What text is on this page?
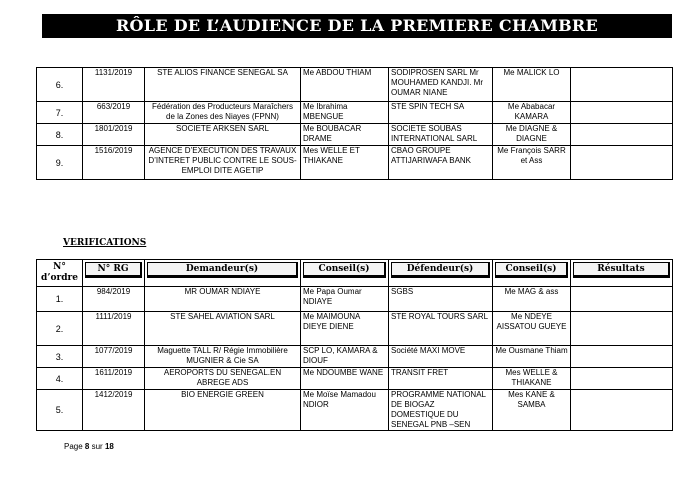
RÔLE DE L’AUDIENCE DE LA PREMIERE CHAMBRE
6.	1131/2019	STE ALIOS FINANCE SENEGAL SA	Me ABDOU THIAM	SODIPROSEN SARL Mr MOUHAMED KANDJI. Mr OUMAR NIANE	Me MALICK LO	
7.	663/2019	Fédération des Producteurs Maraîchers de la Zones des Niayes (FPNN)	Me Ibrahima MBENGUE	STE SPIN TECH SA	Me Ababacar KAMARA	
8.	1801/2019	SOCIETE ARKSEN SARL	Me BOUBACAR DRAME	SOCIETE SOUBAS INTERNATIONAL SARL	Me DIAGNE & DIAGNE	
9.	1516/2019	AGENCE D’EXECUTION DES TRAVAUX D’INTERET PUBLIC CONTRE LE SOUS-EMPLOI DITE AGETIP	Mes WELLE ET THIAKANE	CBAO GROUPE ATTIJARIWAFA BANK	Me François SARR et Ass	
VERIFICATIONS
N° d’ordre	N° RG	Demandeur(s)	Conseil(s)	Défendeur(s)	Conseil(s)	Résultats

1.	984/2019	MR OUMAR NDIAYE	Me Papa Oumar NDIAYE	SGBS	Me MAG & ass	
2.	1111/2019	STE SAHEL AVIATION SARL	Me MAIMOUNA DIEYE DIENE	STE ROYAL TOURS SARL	Me NDEYE AISSATOU GUEYE	
3.	1077/2019	Maguette TALL R/ Régie Immobilière MUGNIER & Cie SA	SCP LO, KAMARA & DIOUF	Société MAXI MOVE	Me Ousmane Thiam	
4.	1611/2019	AEROPORTS DU SENEGAL.EN ABREGE ADS	Me NDOUMBE WANE	TRANSIT FRET	Mes WELLE & THIAKANE	
5.	1412/2019	BIO ENERGIE GREEN	Me Moïse Mamadou NDIOR	PROGRAMME NATIONAL DE BIOGAZ DOMESTIQUE DU SENEGAL PNB –SEN	Mes KANE & SAMBA	
Page 8 sur 18
